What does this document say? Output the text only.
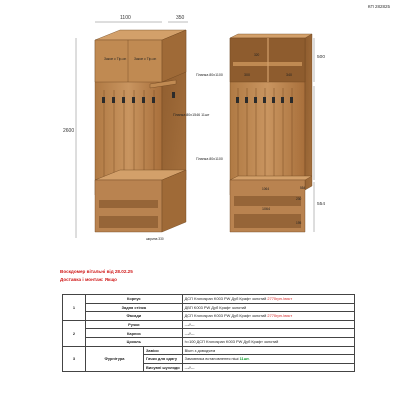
КП 282825
1100	350
2600
Закон с Tip-on Закон с Tip-on
Планка 80х1546 11шт
ширина 330
500
554
300	340
1064
230
195
Планка 80х1100
Планка 80х1100
320
554
1064
Воскдомер вітальні від 28.02.25
Доставка і монтаж: Якщо
1	Корпус		ДСП Kronospan K003 PW Дуб Крафт золотий 2770грн./лист
	Задня стінка		ДВП K003 PW Дуб Крафт золотий
	Фасади		ДСП Kronospan K003 PW Дуб Крафт золотий 2770грн./лист
2	Ручки		---//---
	Карниз		---//---
	Цоколь		h=100 ДСП Kronospan K003 PW Дуб Крафт золотий
3	Фурнітура	Завіси	Blum з доводчем
		Гачки для одягу	Замовника встановлення ніші 11шт.
		Висувні шухляди	---//---
